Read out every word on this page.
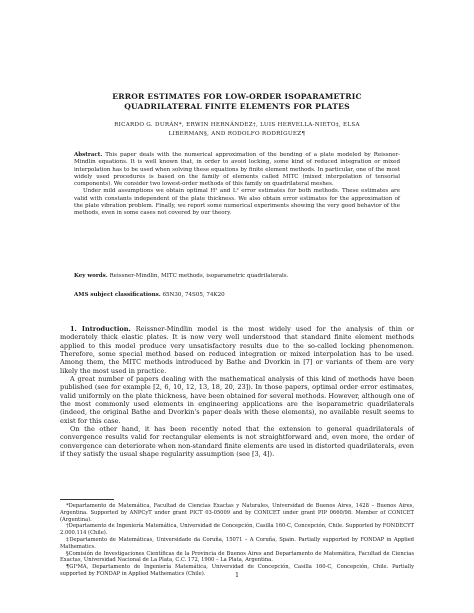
ERROR ESTIMATES FOR LOW-ORDER ISOPARAMETRIC
QUADRILATERAL FINITE ELEMENTS FOR PLATES
RICARDO G. DURÁN*, ERWIN HERNÁNDEZ†, LUIS HERVELLA-NIETO‡, ELSA
LIBERMAN§, AND RODOLFO RODRÍGUEZ¶

Abstract. This paper deals with the numerical approximation of the bending of a plate modeled by Reissner-Mindlin equations. It is well known that, in order to avoid locking, some kind of reduced integration or mixed interpolation has to be used when solving these equations by finite element methods. In particular, one of the most widely used procedures is based on the family of elements called MITC (mixed interpolation of tensorial components). We consider two lowest-order methods of this family on quadrilateral meshes.

Under mild assumptions we obtain optimal H¹ and L² error estimates for both methods. These estimates are valid with constants independent of the plate thickness. We also obtain error estimates for the approximation of the plate vibration problem. Finally, we report some numerical experiments showing the very good behavior of the methods, even in some cases not covered by our theory.

Key words. Reissner-Mindlin, MITC methods, isoparametric quadrilaterals.
AMS subject classifications. 65N30, 74S05, 74K20

1. Introduction. Reissner-Mindlin model is the most widely used for the analysis of thin or moderately thick elastic plates. It is now very well understood that standard finite element methods applied to this model produce very unsatisfactory results due to the so-called locking phenomenon. Therefore, some special method based on reduced integration or mixed interpolation has to be used. Among them, the MITC methods introduced by Bathe and Dvorkin in [7] or variants of them are very likely the most used in practice.

A great number of papers dealing with the mathematical analysis of this kind of methods have been published (see for example [2, 6, 10, 12, 13, 18, 20, 23]). In those papers, optimal order error estimates, valid uniformly on the plate thickness, have been obtained for several methods. However, although one of the most commonly used elements in engineering applications are the isoparametric quadrilaterals (indeed, the original Bathe and Dvorkin's paper deals with these elements), no available result seems to exist for this case.

On the other hand, it has been recently noted that the extension to general quadrilaterals of convergence results valid for rectangular elements is not straightforward and, even more, the order of convergence can deteriorate when non-standard finite elements are used in distorted quadrilaterals, even if they satisfy the usual shape regularity assumption (see [3, 4]).

*Departamento de Matemática, Facultad de Ciencias Exactas y Naturales, Universidad de Buenos Aires, 1428 – Buenos Aires, Argentina. Supported by ANPCyT under grant PICT 03-05009 and by CONICET under grant PIP 0660/98. Member of CONICET (Argentina).

†Departamento de Ingeniería Matemática, Universidad de Concepción, Casilla 160-C, Concepción, Chile. Supported by FONDECYT 2.000.114 (Chile).

‡Departamento de Matemáticas, Universidade da Coruña, 15071 – A Coruña, Spain. Partially supported by FONDAP in Applied Mathematics.

§Comisión de Investigaciones Científicas de la Provincia de Buenos Aires and Departamento de Matemática, Facultad de Ciencias Exactas, Universidad Nacional de La Plata, C.C. 172, 1900 – La Plata, Argentina.

¶GI²MA, Departamento de Ingeniería Matemática, Universidad de Concepción, Casilla 160-C, Concepción, Chile. Partially supported by FONDAP in Applied Mathematics (Chile).	1
